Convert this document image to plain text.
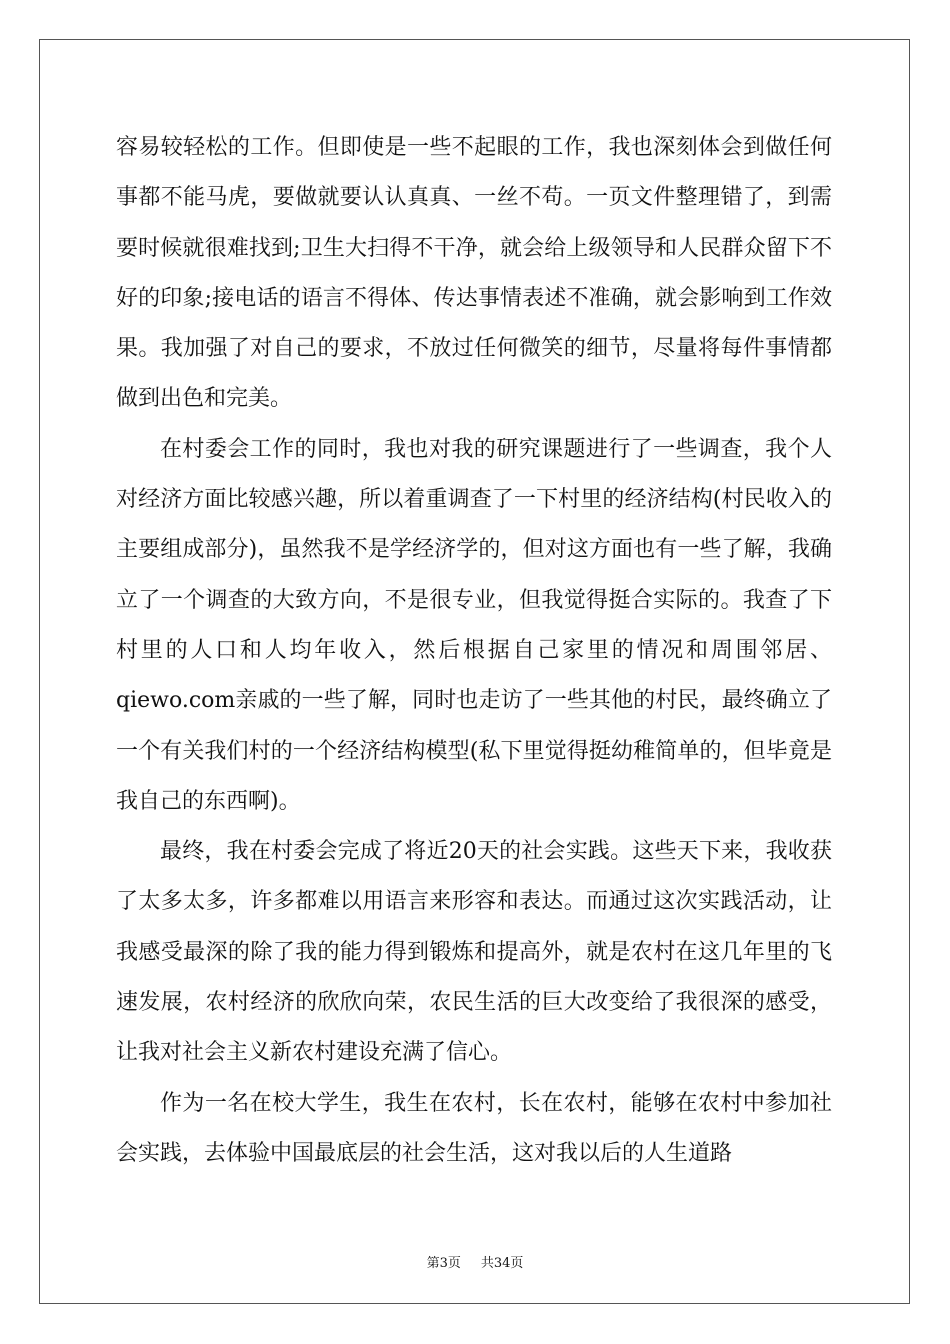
容易较轻松的工作。但即使是一些不起眼的工作，我也深刻体会到做任何事都不能马虎，要做就要认认真真、一丝不苟。一页文件整理错了，到需要时候就很难找到;卫生大扫得不干净，就会给上级领导和人民群众留下不好的印象;接电话的语言不得体、传达事情表述不准确，就会影响到工作效果。我加强了对自己的要求，不放过任何微笑的细节，尽量将每件事情都做到出色和完美。

在村委会工作的同时，我也对我的研究课题进行了一些调查，我个人对经济方面比较感兴趣，所以着重调查了一下村里的经济结构(村民收入的主要组成部分)，虽然我不是学经济学的，但对这方面也有一些了解，我确立了一个调查的大致方向，不是很专业，但我觉得挺合实际的。我查了下村里的人口和人均年收入，然后根据自己家里的情况和周围邻居、qiewo.com亲戚的一些了解，同时也走访了一些其他的村民，最终确立了一个有关我们村的一个经济结构模型(私下里觉得挺幼稚简单的，但毕竟是我自己的东西啊)。

最终，我在村委会完成了将近20天的社会实践。这些天下来，我收获了太多太多，许多都难以用语言来形容和表达。而通过这次实践活动，让我感受最深的除了我的能力得到锻炼和提高外，就是农村在这几年里的飞速发展，农村经济的欣欣向荣，农民生活的巨大改变给了我很深的感受，让我对社会主义新农村建设充满了信心。

作为一名在校大学生，我生在农村，长在农村，能够在农村中参加社会实践，去体验中国最底层的社会生活，这对我以后的人生道路

第3页 共34页
